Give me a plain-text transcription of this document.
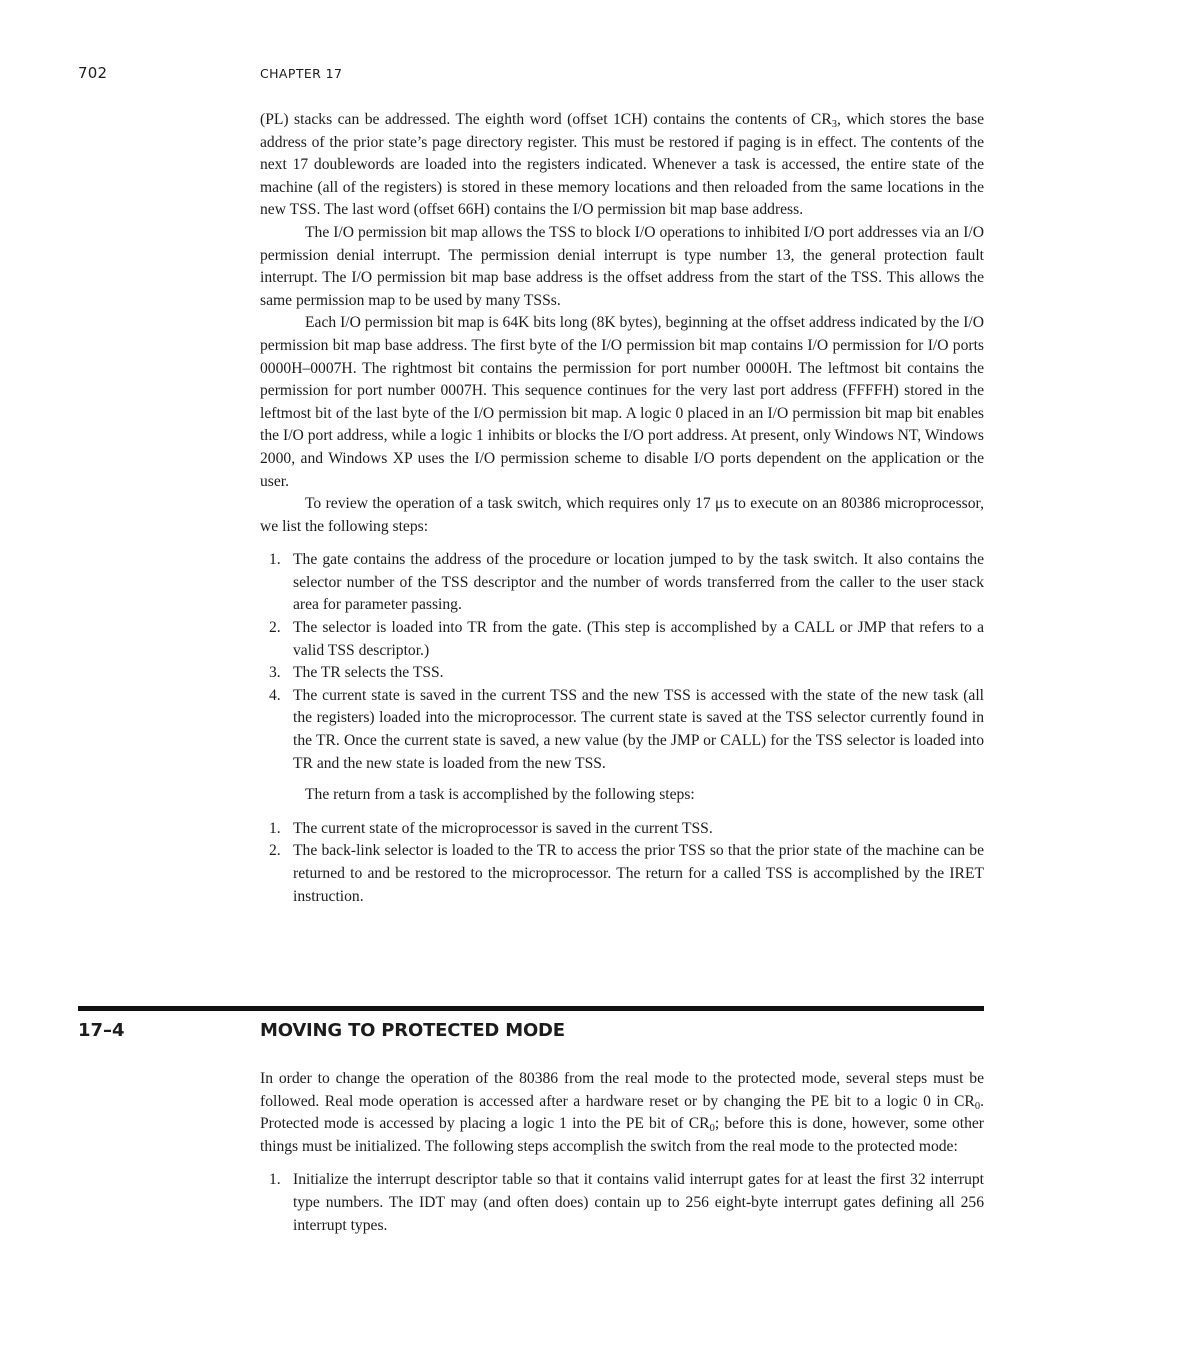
702	CHAPTER 17

(PL) stacks can be addressed. The eighth word (offset 1CH) contains the contents of $CR_3$, which stores the base address of the prior state’s page directory register. This must be restored if paging is in effect. The contents of the next 17 doublewords are loaded into the registers indicated. Whenever a task is accessed, the entire state of the machine (all of the registers) is stored in these memory locations and then reloaded from the same locations in the new TSS. The last word (offset 66H) contains the I/O permission bit map base address.

The I/O permission bit map allows the TSS to block I/O operations to inhibited I/O port addresses via an I/O permission denial interrupt. The permission denial interrupt is type number 13, the general protection fault interrupt. The I/O permission bit map base address is the offset address from the start of the TSS. This allows the same permission map to be used by many TSSs.

Each I/O permission bit map is 64K bits long (8K bytes), beginning at the offset address indicated by the I/O permission bit map base address. The first byte of the I/O permission bit map contains I/O permission for I/O ports 0000H–0007H. The rightmost bit contains the permission for port number 0000H. The leftmost bit contains the permission for port number 0007H. This sequence continues for the very last port address (FFFFH) stored in the leftmost bit of the last byte of the I/O permission bit map. A logic 0 placed in an I/O permission bit map bit enables the I/O port address, while a logic 1 inhibits or blocks the I/O port address. At present, only Windows NT, Windows 2000, and Windows XP uses the I/O permission scheme to disable I/O ports dependent on the application or the user.

To review the operation of a task switch, which requires only 17 μs to execute on an 80386 microprocessor, we list the following steps:

1. The gate contains the address of the procedure or location jumped to by the task switch. It also contains the selector number of the TSS descriptor and the number of words transferred from the caller to the user stack area for parameter passing.
2. The selector is loaded into TR from the gate. (This step is accomplished by a CALL or JMP that refers to a valid TSS descriptor.)
3. The TR selects the TSS.
4. The current state is saved in the current TSS and the new TSS is accessed with the state of the new task (all the registers) loaded into the microprocessor. The current state is saved at the TSS selector currently found in the TR. Once the current state is saved, a new value (by the JMP or CALL) for the TSS selector is loaded into TR and the new state is loaded from the new TSS.

The return from a task is accomplished by the following steps:

1. The current state of the microprocessor is saved in the current TSS.
2. The back-link selector is loaded to the TR to access the prior TSS so that the prior state of the machine can be returned to and be restored to the microprocessor. The return for a called TSS is accomplished by the IRET instruction.
17–4	MOVING TO PROTECTED MODE

In order to change the operation of the 80386 from the real mode to the protected mode, several steps must be followed. Real mode operation is accessed after a hardware reset or by changing the PE bit to a logic 0 in $CR_0$. Protected mode is accessed by placing a logic 1 into the PE bit of $CR_0$; before this is done, however, some other things must be initialized. The following steps accomplish the switch from the real mode to the protected mode:

1. Initialize the interrupt descriptor table so that it contains valid interrupt gates for at least the first 32 interrupt type numbers. The IDT may (and often does) contain up to 256 eight-byte interrupt gates defining all 256 interrupt types.
